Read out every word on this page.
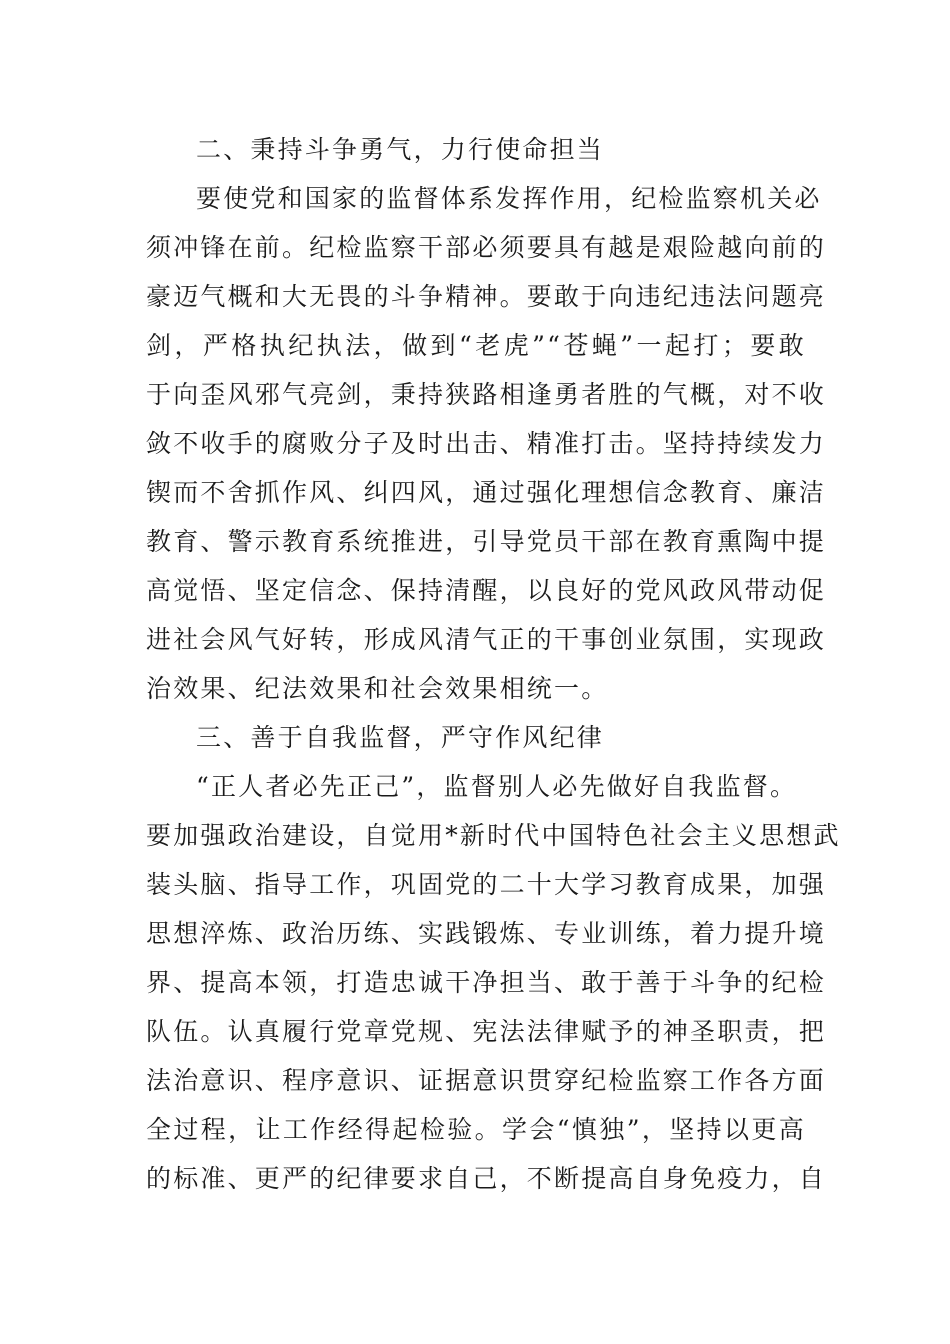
二、秉持斗争勇气，力行使命担当
要使党和国家的监督体系发挥作用，纪检监察机关必
须冲锋在前。纪检监察干部必须要具有越是艰险越向前的
豪迈气概和大无畏的斗争精神。要敢于向违纪违法问题亮
剑，严格执纪执法，做到“老虎”“苍蝇”一起打；要敢
于向歪风邪气亮剑，秉持狭路相逢勇者胜的气概，对不收
敛不收手的腐败分子及时出击、精准打击。坚持持续发力
锲而不舍抓作风、纠四风，通过强化理想信念教育、廉洁
教育、警示教育系统推进，引导党员干部在教育熏陶中提
高觉悟、坚定信念、保持清醒，以良好的党风政风带动促
进社会风气好转，形成风清气正的干事创业氛围，实现政
治效果、纪法效果和社会效果相统一。
三、善于自我监督，严守作风纪律
“正人者必先正己”，监督别人必先做好自我监督。
要加强政治建设，自觉用*新时代中国特色社会主义思想武
装头脑、指导工作，巩固党的二十大学习教育成果，加强
思想淬炼、政治历练、实践锻炼、专业训练，着力提升境
界、提高本领，打造忠诚干净担当、敢于善于斗争的纪检
队伍。认真履行党章党规、宪法法律赋予的神圣职责，把
法治意识、程序意识、证据意识贯穿纪检监察工作各方面
全过程，让工作经得起检验。学会“慎独”，坚持以更高
的标准、更严的纪律要求自己，不断提高自身免疫力，自
